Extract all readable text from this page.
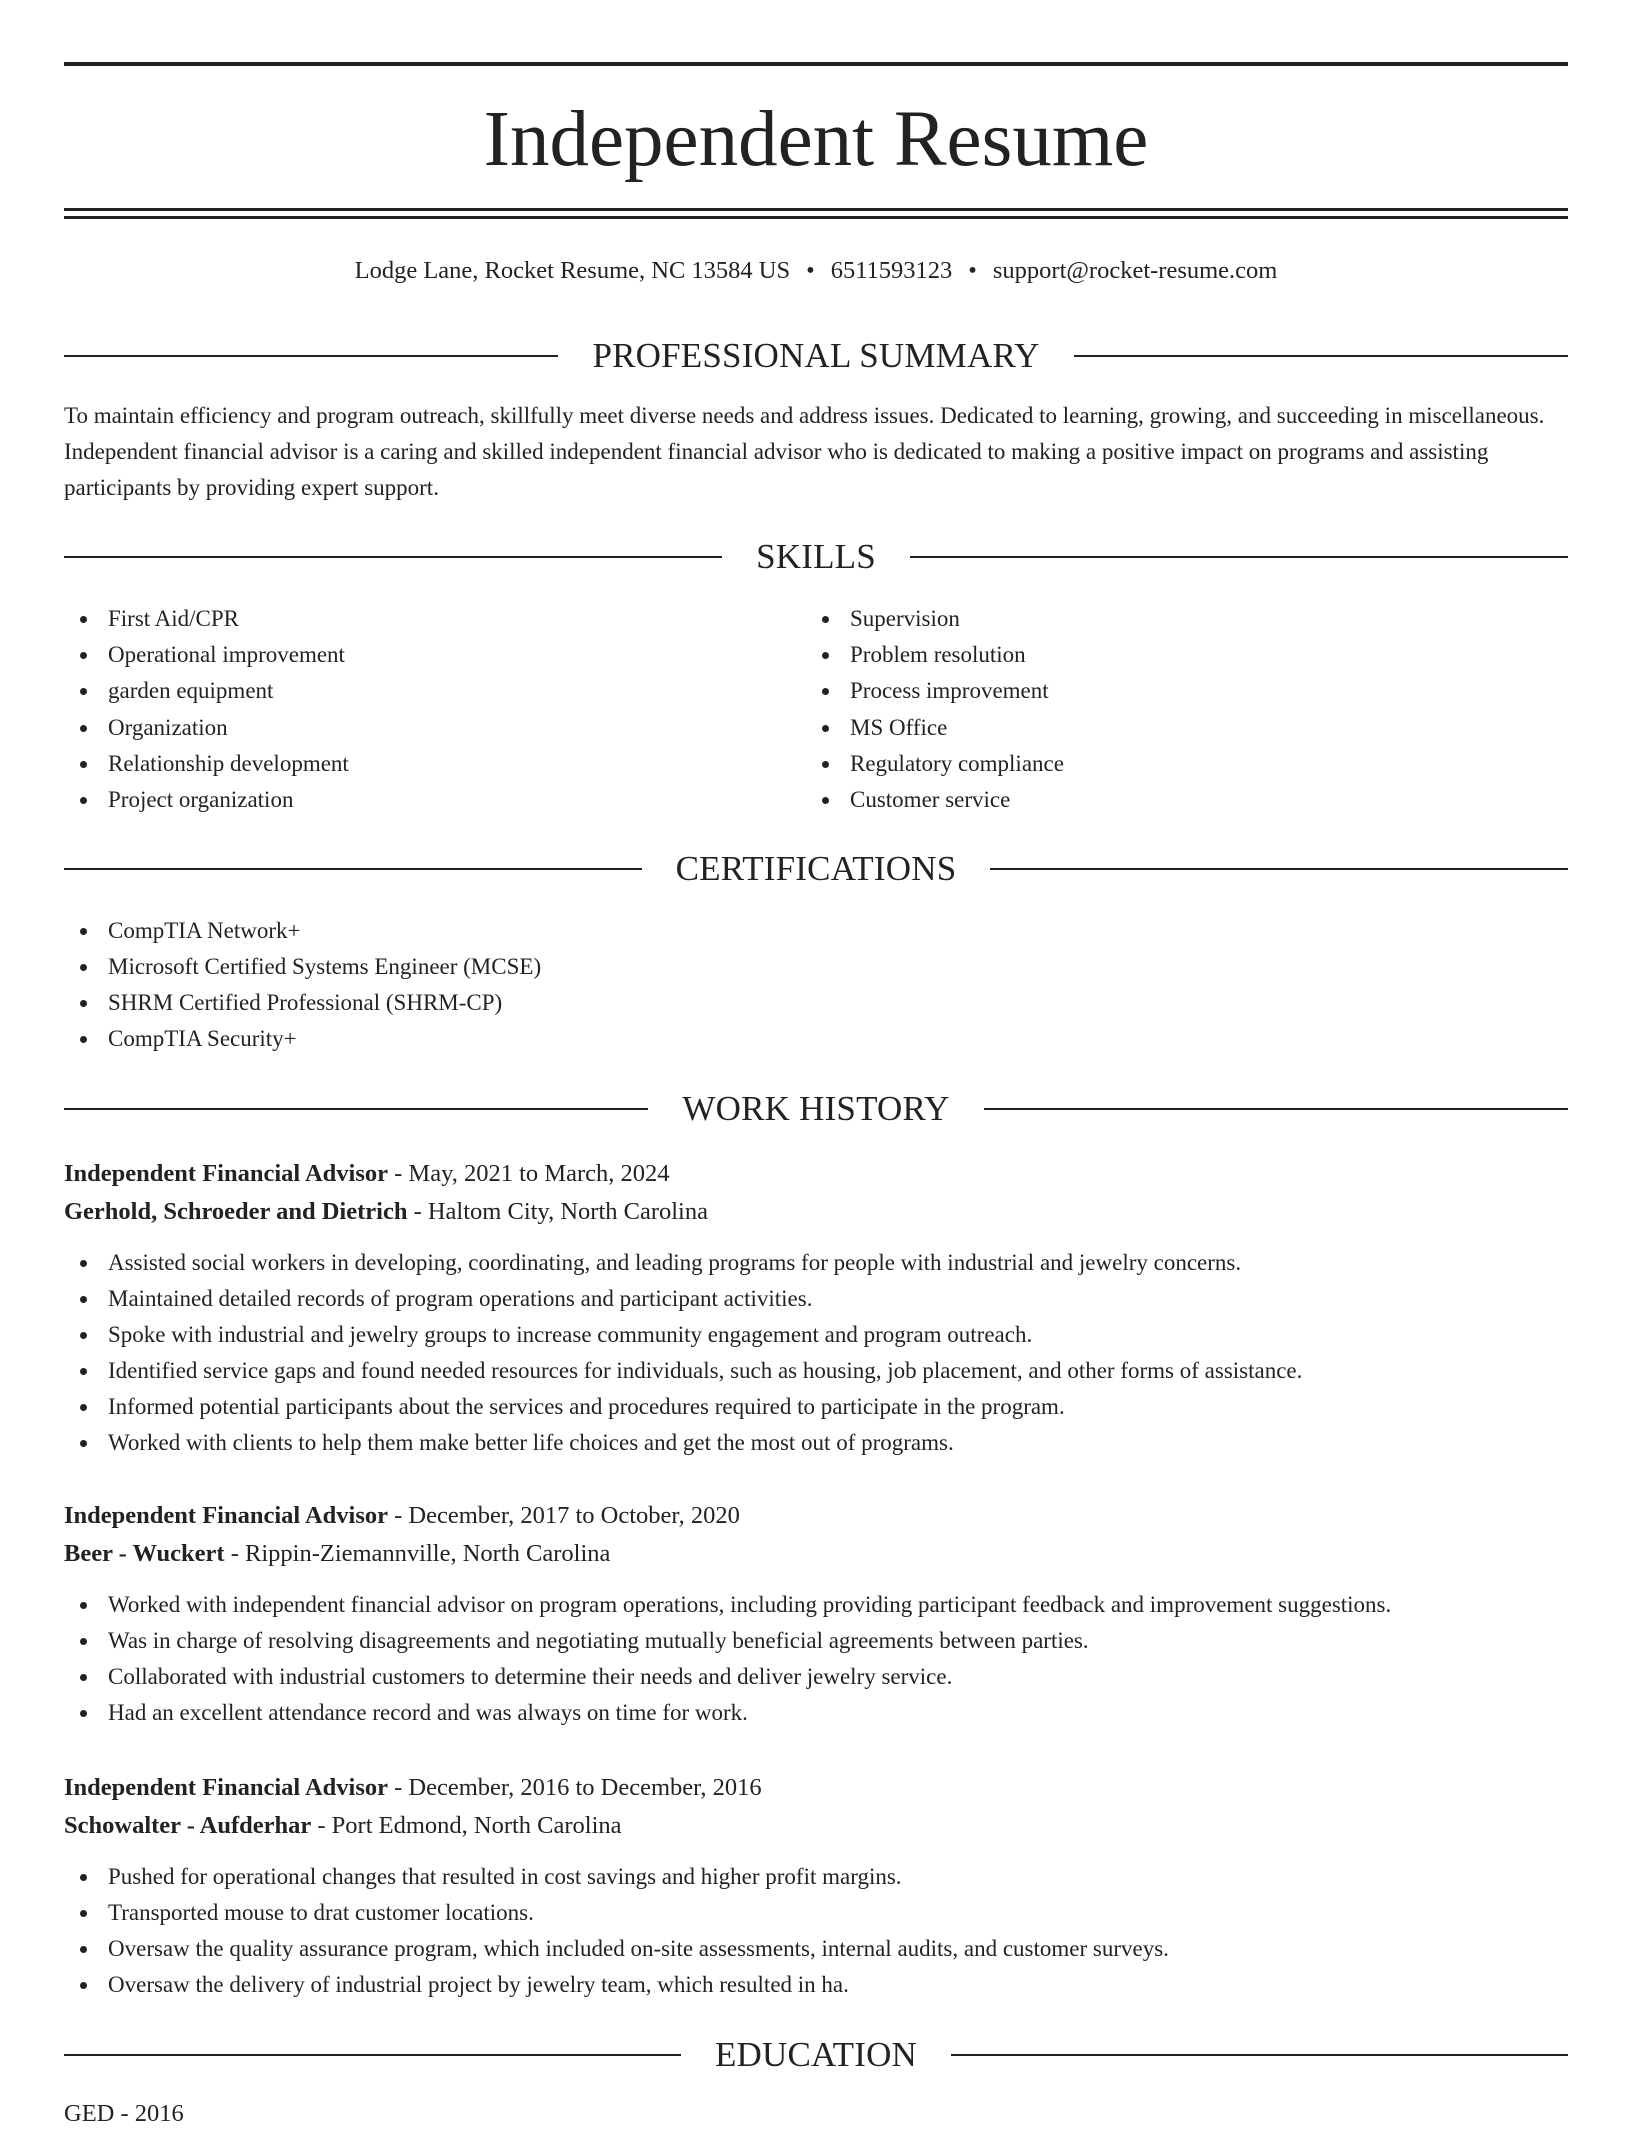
Independent Resume
Lodge Lane, Rocket Resume, NC 13584 US • 6511593123 • support@rocket-resume.com
PROFESSIONAL SUMMARY

To maintain efficiency and program outreach, skillfully meet diverse needs and address issues. Dedicated to learning, growing, and succeeding in miscellaneous. Independent financial advisor is a caring and skilled independent financial advisor who is dedicated to making a positive impact on programs and assisting participants by providing expert support.

SKILLS
First Aid/CPR
Operational improvement
garden equipment
Organization
Relationship development
Project organization
Supervision
Problem resolution
Process improvement
MS Office
Regulatory compliance
Customer service
CERTIFICATIONS
CompTIA Network+
Microsoft Certified Systems Engineer (MCSE)
SHRM Certified Professional (SHRM-CP)
CompTIA Security+
WORK HISTORY
Independent Financial Advisor - May, 2021 to March, 2024
Gerhold, Schroeder and Dietrich - Haltom City, North Carolina
Assisted social workers in developing, coordinating, and leading programs for people with industrial and jewelry concerns.
Maintained detailed records of program operations and participant activities.
Spoke with industrial and jewelry groups to increase community engagement and program outreach.
Identified service gaps and found needed resources for individuals, such as housing, job placement, and other forms of assistance.
Informed potential participants about the services and procedures required to participate in the program.
Worked with clients to help them make better life choices and get the most out of programs.
Independent Financial Advisor - December, 2017 to October, 2020
Beer - Wuckert - Rippin-Ziemannville, North Carolina
Worked with independent financial advisor on program operations, including providing participant feedback and improvement suggestions.
Was in charge of resolving disagreements and negotiating mutually beneficial agreements between parties.
Collaborated with industrial customers to determine their needs and deliver jewelry service.
Had an excellent attendance record and was always on time for work.
Independent Financial Advisor - December, 2016 to December, 2016
Schowalter - Aufderhar - Port Edmond, North Carolina
Pushed for operational changes that resulted in cost savings and higher profit margins.
Transported mouse to drat customer locations.
Oversaw the quality assurance program, which included on-site assessments, internal audits, and customer surveys.
Oversaw the delivery of industrial project by jewelry team, which resulted in ha.
EDUCATION
GED - 2016
